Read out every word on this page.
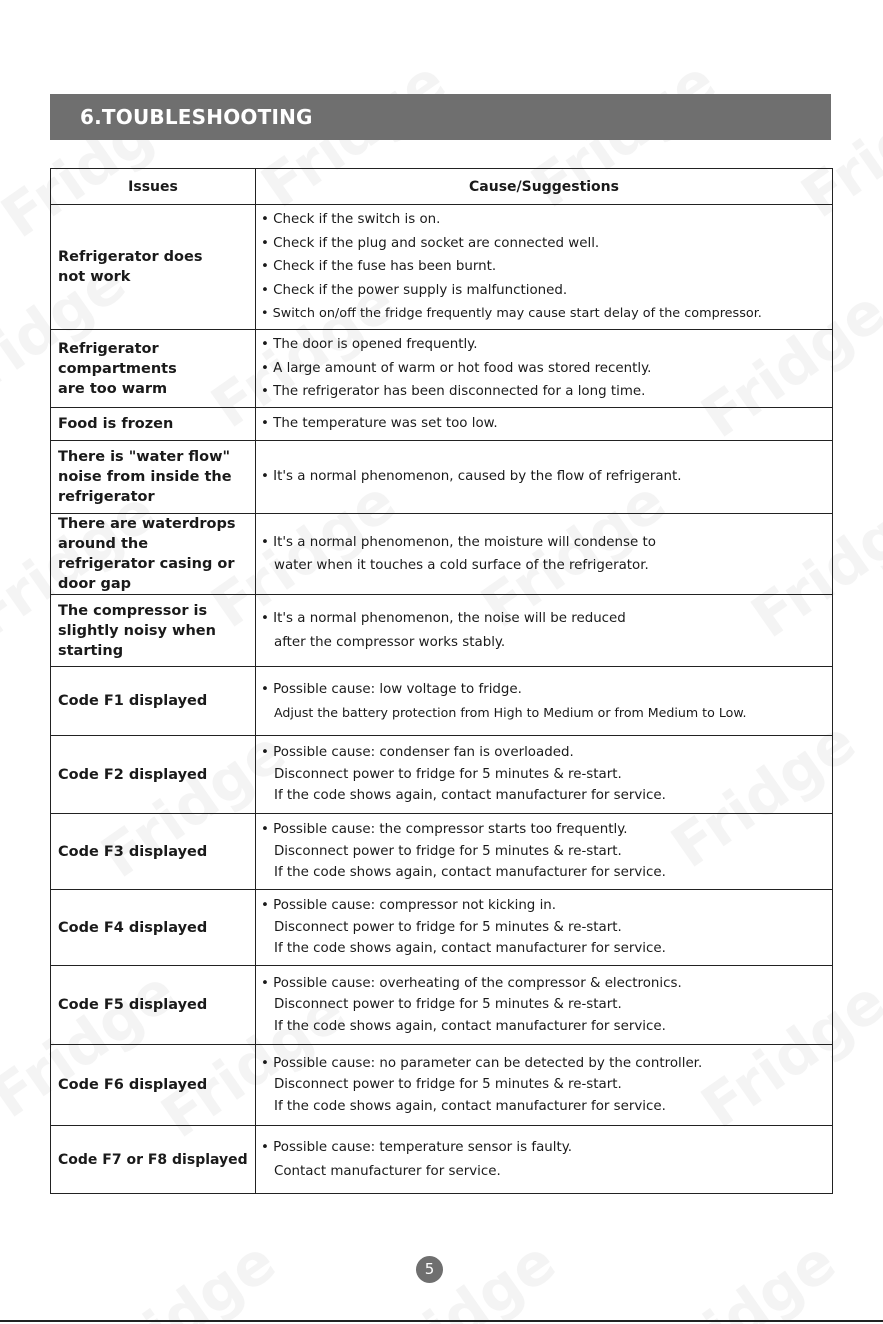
6.TOUBLESHOOTING
Issues	Cause/Suggestions
Refrigerator does not work	• Check if the switch is on.
• Check if the plug and socket are connected well.
• Check if the fuse has been burnt.
• Check if the power supply is malfunctioned.
• Switch on/off the fridge frequently may cause start delay of the compressor.

Refrigerator compartments are too warm	• The door is opened frequently.
• A large amount of warm or hot food was stored recently.
• The refrigerator has been disconnected for a long time.

Food is frozen	• The temperature was set too low.

There is "water flow" noise from inside the refrigerator	• It's a normal phenomenon, caused by the flow of refrigerant.

There are waterdrops around the refrigerator casing or door gap	• It's a normal phenomenon, the moisture will condense to
water when it touches a cold surface of the refrigerator.

The compressor is slightly noisy when starting	• It's a normal phenomenon, the noise will be reduced
after the compressor works stably.

Code F1 displayed	• Possible cause: low voltage to fridge.
Adjust the battery protection from High to Medium or from Medium to Low.

Code F2 displayed	• Possible cause: condenser fan is overloaded.
Disconnect power to fridge for 5 minutes & re-start.
If the code shows again, contact manufacturer for service.

Code F3 displayed	• Possible cause: the compressor starts too frequently.
Disconnect power to fridge for 5 minutes & re-start.
If the code shows again, contact manufacturer for service.

Code F4 displayed	• Possible cause: compressor not kicking in.
Disconnect power to fridge for 5 minutes & re-start.
If the code shows again, contact manufacturer for service.

Code F5 displayed	• Possible cause: overheating of the compressor & electronics.
Disconnect power to fridge for 5 minutes & re-start.
If the code shows again, contact manufacturer for service.

Code F6 displayed	• Possible cause: no parameter can be detected by the controller.
Disconnect power to fridge for 5 minutes & re-start.
If the code shows again, contact manufacturer for service.

Code F7 or F8 displayed	• Possible cause: temperature sensor is faulty.
Contact manufacturer for service.
5
